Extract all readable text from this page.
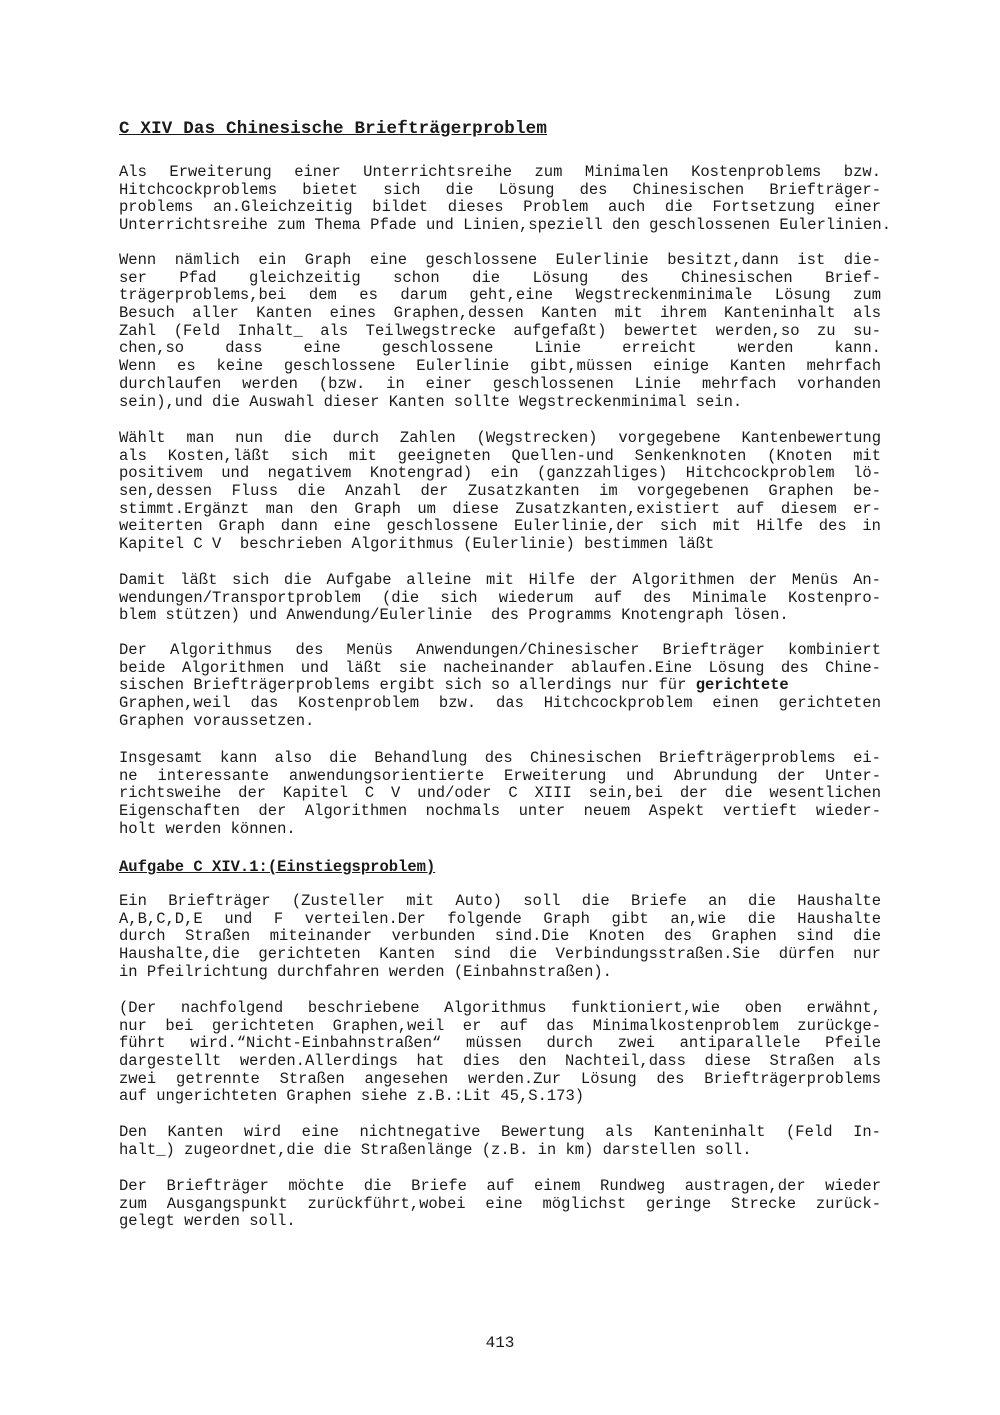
C XIV Das Chinesische Briefträgerproblem
Als Erweiterung einer Unterrichtsreihe zum Minimalen Kostenproblems bzw.
Hitchcockproblems bietet sich die Lösung des Chinesischen Briefträger-
problems an.Gleichzeitig bildet dieses Problem auch die Fortsetzung einer
Unterrichtsreihe zum Thema Pfade und Linien,speziell den geschlossenen Eulerlinien.
Wenn nämlich ein Graph eine geschlossene Eulerlinie besitzt,dann ist die-
ser Pfad gleichzeitig schon die Lösung des Chinesischen Brief-
trägerproblems,bei dem es darum geht,eine Wegstreckenminimale Lösung zum
Besuch aller Kanten eines Graphen,dessen Kanten mit ihrem Kanteninhalt als
Zahl (Feld Inhalt_ als Teilwegstrecke aufgefaßt) bewertet werden,so zu su-
chen,so dass eine geschlossene Linie erreicht werden kann.
Wenn es keine geschlossene Eulerlinie gibt,müssen einige Kanten mehrfach
durchlaufen werden (bzw. in einer geschlossenen Linie mehrfach vorhanden
sein),und die Auswahl dieser Kanten sollte Wegstreckenminimal sein.
Wählt man nun die durch Zahlen (Wegstrecken) vorgegebene Kantenbewertung
als Kosten,läßt sich mit geeigneten Quellen-und Senkenknoten (Knoten mit
positivem und negativem Knotengrad) ein (ganzzahliges) Hitchcockproblem lö-
sen,dessen Fluss die Anzahl der Zusatzkanten im vorgegebenen Graphen be-
stimmt.Ergänzt man den Graph um diese Zusatzkanten,existiert auf diesem er-
weiterten Graph dann eine geschlossene Eulerlinie,der sich mit Hilfe des in
Kapitel C V  beschrieben Algorithmus (Eulerlinie) bestimmen läßt
Damit läßt sich die Aufgabe alleine mit Hilfe der Algorithmen der Menüs An-
wendungen/Transportproblem (die sich wiederum auf des Minimale Kostenpro-
blem stützen) und Anwendung/Eulerlinie  des Programms Knotengraph lösen.
Der Algorithmus des Menüs Anwendungen/Chinesischer Briefträger kombiniert
beide Algorithmen und läßt sie nacheinander ablaufen.Eine Lösung des Chine-
sischen Briefträgerproblems ergibt sich so allerdings nur für gerichtete
Graphen,weil das Kostenproblem bzw. das Hitchcockproblem einen gerichteten
Graphen voraussetzen.
Insgesamt kann also die Behandlung des Chinesischen Briefträgerproblems ei-
ne interessante anwendungsorientierte Erweiterung und Abrundung der Unter-
richtsweihe der Kapitel C V und/oder C XIII sein,bei der die wesentlichen
Eigenschaften der Algorithmen nochmals unter neuem Aspekt vertieft wieder-
holt werden können.
Aufgabe C XIV.1:(Einstiegsproblem)
Ein Briefträger (Zusteller mit Auto) soll die Briefe an die Haushalte
A,B,C,D,E und F verteilen.Der folgende Graph gibt an,wie die Haushalte
durch Straßen miteinander verbunden sind.Die Knoten des Graphen sind die
Haushalte,die gerichteten Kanten sind die Verbindungsstraßen.Sie dürfen nur
in Pfeilrichtung durchfahren werden (Einbahnstraßen).
(Der nachfolgend beschriebene Algorithmus funktioniert,wie oben erwähnt,
nur bei gerichteten Graphen,weil er auf das Minimalkostenproblem zurückge-
führt wird.“Nicht-Einbahnstraßen“ müssen durch zwei antiparallele Pfeile
dargestellt werden.Allerdings hat dies den Nachteil,dass diese Straßen als
zwei getrennte Straßen angesehen werden.Zur Lösung des Briefträgerproblems
auf ungerichteten Graphen siehe z.B.:Lit 45,S.173)
Den Kanten wird eine nichtnegative Bewertung als Kanteninhalt (Feld In-
halt_) zugeordnet,die die Straßenlänge (z.B. in km) darstellen soll.
Der Briefträger möchte die Briefe auf einem Rundweg austragen,der wieder
zum Ausgangspunkt zurückführt,wobei eine möglichst geringe Strecke zurück-
gelegt werden soll.
413
